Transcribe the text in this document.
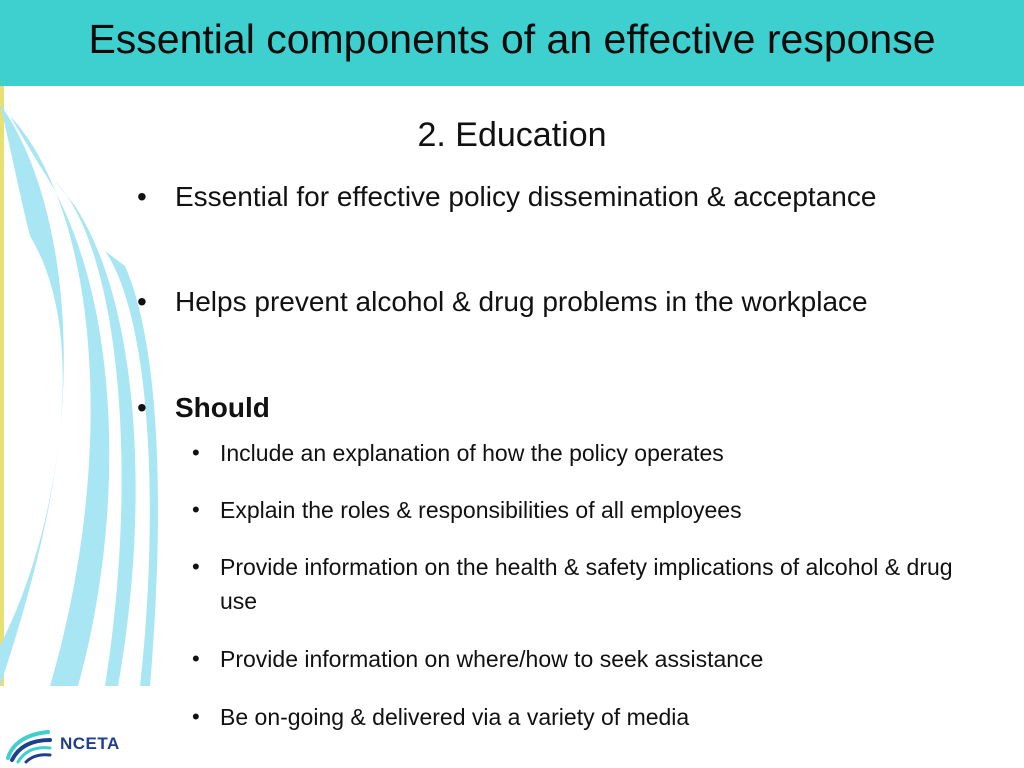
Essential components of an effective response
2. Education
• Essential for effective policy dissemination & acceptance
• Helps prevent alcohol & drug problems in the workplace
• Should
• Include an explanation of how the policy operates
• Explain the roles & responsibilities of all employees
• Provide information on the health & safety implications of alcohol & drug use
• Provide information on where/how to seek assistance
• Be on-going & delivered via a variety of media
NCETA
